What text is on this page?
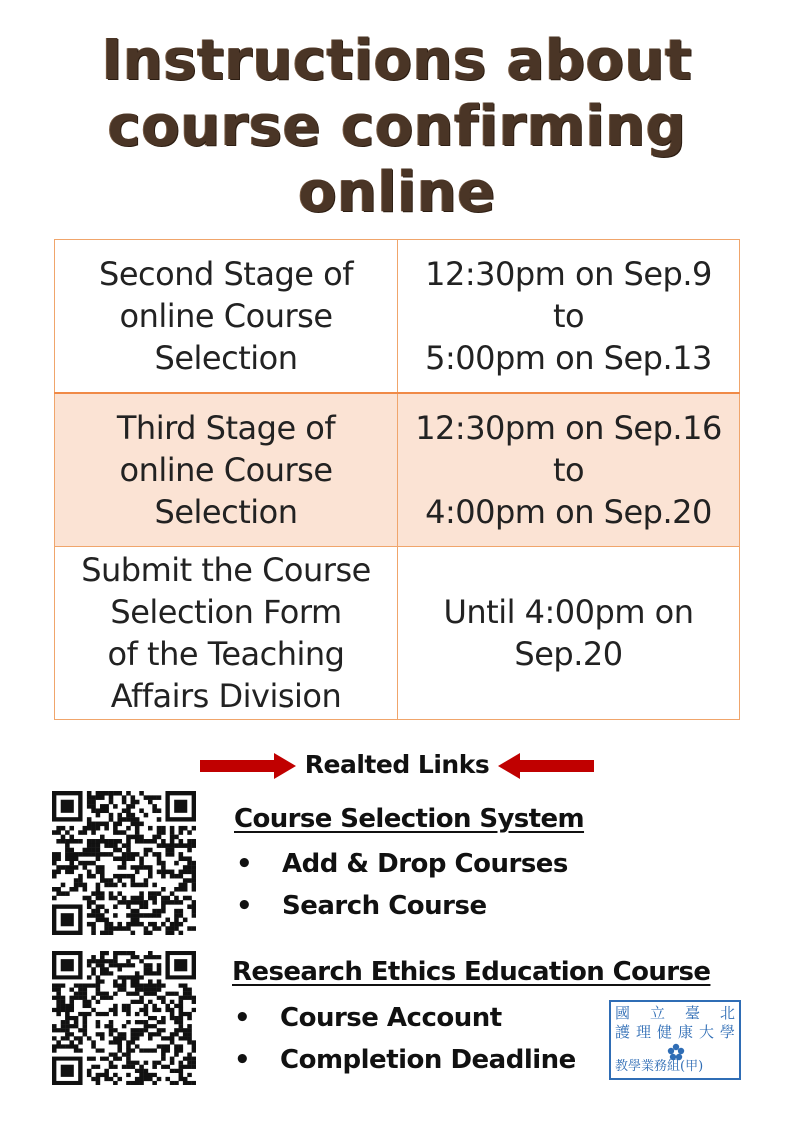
Instructions about
course confirming
online
Second Stage of
online Course
Selection	12:30pm on Sep.9
to
5:00pm on Sep.13

Third Stage of
online Course
Selection	12:30pm on Sep.16
to
4:00pm on Sep.20

Submit the Course
Selection Form
of the Teaching
Affairs Division	Until 4:00pm on
Sep.20
Realted Links
Course Selection System
• Add & Drop Courses
• Search Course
Research Ethics Education Course
• Course Account
• Completion Deadline
國 立 臺 北
護 理 健 康 大 學
教學業務組(甲)
